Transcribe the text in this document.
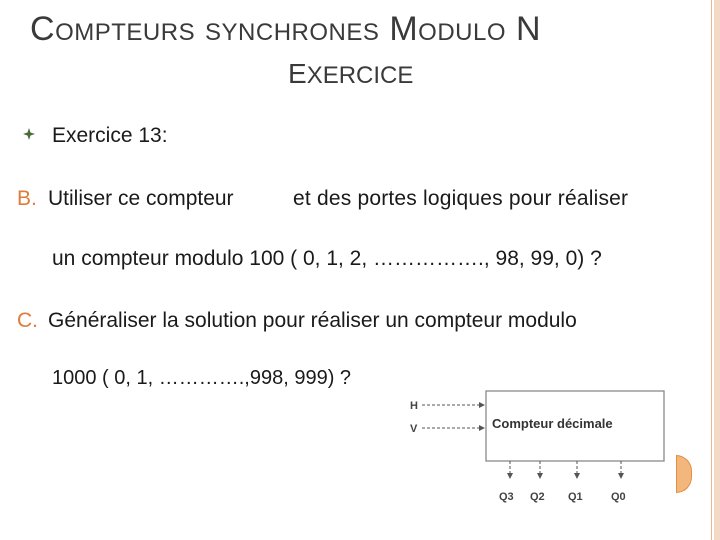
COMPTEURS SYNCHRONES MODULO N
EXERCICE
Exercice 13:
B. Utiliser ce compteur	et des portes logiques pour réaliser
un compteur modulo 100 ( 0, 1, 2, ……………., 98, 99, 0) ?
C. Généraliser la solution pour réaliser un compteur modulo
1000 ( 0, 1, ………….,998, 999) ?
Compteur décimale
H
V
Q3 Q2 Q1	Q0
